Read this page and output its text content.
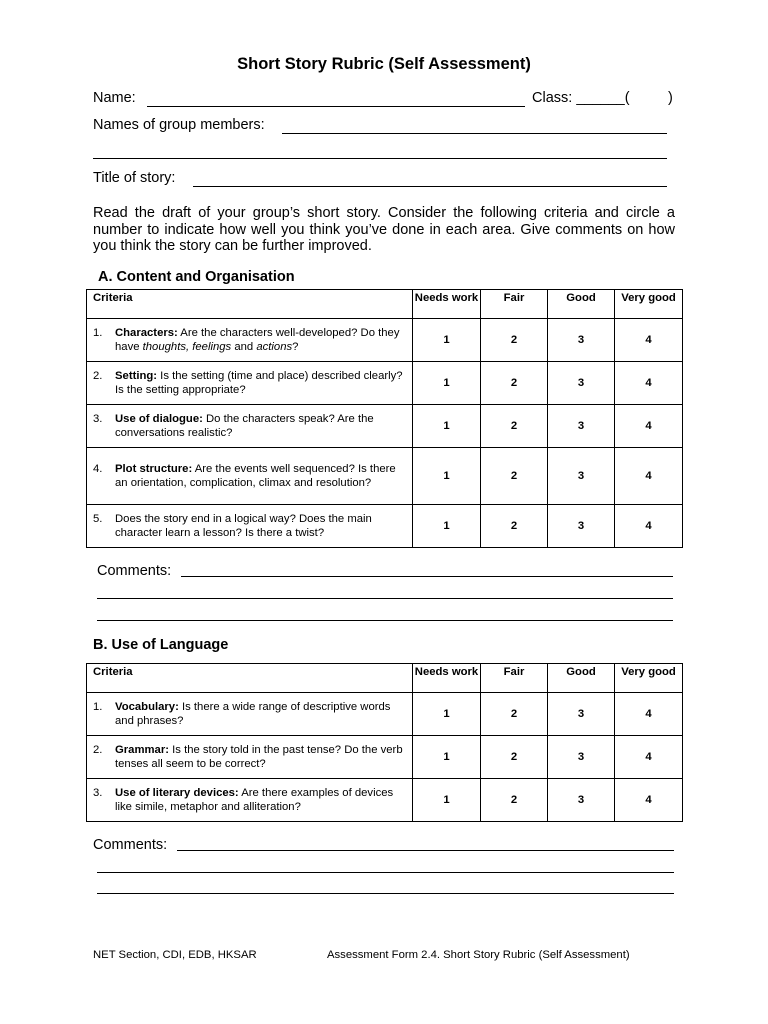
Short Story Rubric (Self Assessment)
Name:	Class: ______(	)
Names of group members:
Title of story:
Read the draft of your group’s short story. Consider the following criteria and circle a number to indicate how well you think you’ve done in each area. Give comments on how you think the story can be further improved.
A. Content and Organisation
Criteria	Needs work	Fair	Good	Very good

1. Characters: Are the characters well-developed? Do they have thoughts, feelings and actions?	1	2	3	4

2. Setting: Is the setting (time and place) described clearly? Is the setting appropriate?	1	2	3	4

3. Use of dialogue: Do the characters speak? Are the conversations realistic?	1	2	3	4

4. Plot structure: Are the events well sequenced? Is there an orientation, complication, climax and resolution?	1	2	3	4

5. Does the story end in a logical way? Does the main character learn a lesson? Is there a twist?	1	2	3	4
Comments:
B. Use of Language
Criteria	Needs work	Fair	Good	Very good

1. Vocabulary: Is there a wide range of descriptive words and phrases?	1	2	3	4

2. Grammar: Is the story told in the past tense? Do the verb tenses all seem to be correct?	1	2	3	4

3. Use of literary devices: Are there examples of devices like simile, metaphor and alliteration?	1	2	3	4
Comments:
NET Section, CDI, EDB, HKSAR	Assessment Form 2.4. Short Story Rubric (Self Assessment)
